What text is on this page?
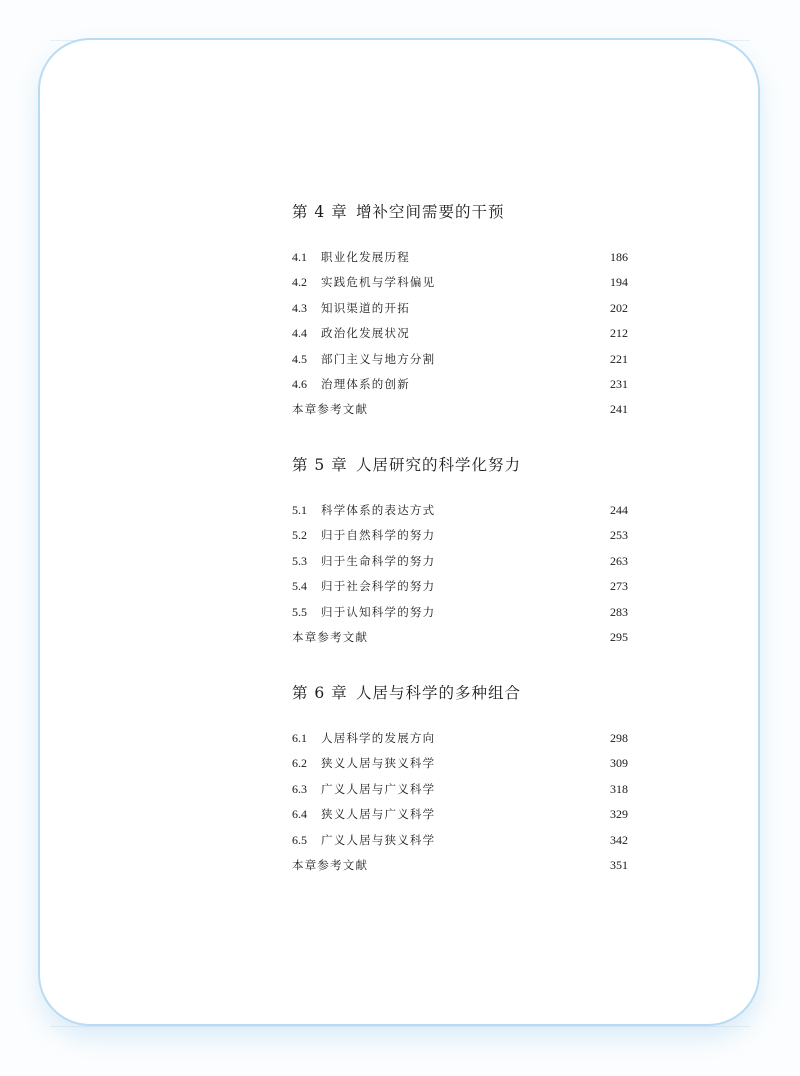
第 4 章 增补空间需要的干预
4.1	职业化发展历程	186
4.2	实践危机与学科偏见	194
4.3	知识渠道的开拓	202
4.4	政治化发展状况	212
4.5	部门主义与地方分割	221
4.6	治理体系的创新	231
本章参考文献	241
第 5 章 人居研究的科学化努力
5.1	科学体系的表达方式	244
5.2	归于自然科学的努力	253
5.3	归于生命科学的努力	263
5.4	归于社会科学的努力	273
5.5	归于认知科学的努力	283
本章参考文献	295
第 6 章 人居与科学的多种组合
6.1	人居科学的发展方向	298
6.2	狭义人居与狭义科学	309
6.3	广义人居与广义科学	318
6.4	狭义人居与广义科学	329
6.5	广义人居与狭义科学	342
本章参考文献	351
